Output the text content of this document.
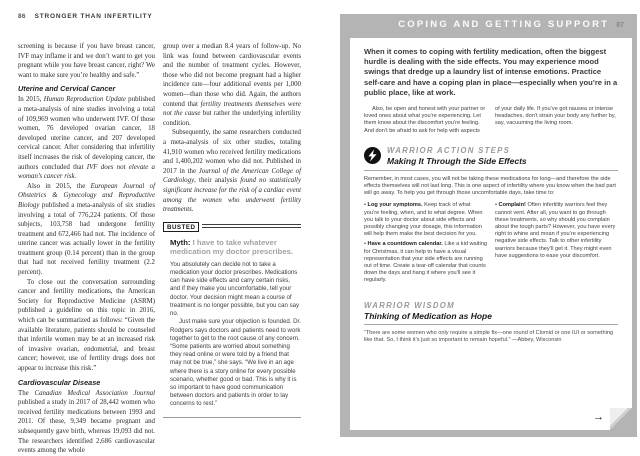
86 STRONGER THAN INFERTILITY

screening is because if you have breast cancer, IVF may inflame it and we don’t want to get you pregnant while you have breast cancer, right? We want to make sure you’re healthy and safe.”

Uterine and Cervical Cancer

In 2015, Human Reproduction Update published a meta-analysis of nine studies involving a total of 109,969 women who underwent IVF. Of those women, 76 developed ovarian cancer, 18 developed uterine cancer, and 207 developed cervical cancer. After considering that infertility itself increases the risk of developing cancer, the authors concluded that IVF does not elevate a woman’s cancer risk.

Also in 2015, the European Journal of Obstetrics & Gynecology and Reproductive Biology published a meta-analysis of six studies involving a total of 776,224 patients. Of those subjects, 103,758 had undergone fertility treatment and 672,466 had not. The incidence of uterine cancer was actually lower in the fertility treatment group (0.14 percent) than in the group that had not received fertility treatment (2.2 percent).

To close out the conversation surrounding cancer and fertility medications, the American Society for Reproductive Medicine (ASRM) published a guideline on this topic in 2016, which can be summarized as follows: “Given the available literature, patients should be counseled that infertile women may be at an increased risk of invasive ovarian, endometrial, and breast cancer; however, use of fertility drugs does not appear to increase this risk.”

Cardiovascular Disease

The Canadian Medical Association Journal published a study in 2017 of 28,442 women who received fertility medications between 1993 and 2011. Of these, 9,349 became pregnant and subsequently gave birth, whereas 19,093 did not. The researchers identified 2,686 cardiovascular events among the whole

group over a median 8.4 years of follow-up. No link was found between cardiovascular events and the number of treatment cycles. However, those who did not become pregnant had a higher incidence rate—four additional events per 1,000 women—than those who did. Again, the authors contend that fertility treatments themselves were not the cause but rather the underlying infertility condition.

Subsequently, the same researchers conducted a meta-analysis of six other studies, totaling 41,910 women who received fertility medications and 1,400,202 women who did not. Published in 2017 in the Journal of the American College of Cardiology, their analysis found no statistically significant increase for the risk of a cardiac event among the women who underwent fertility treatments.

BUSTED

Myth: I have to take whatever medication my doctor prescribes.

You absolutely can decide not to take a medication your doctor prescribes. Medications can have side effects and carry certain risks, and if they make you uncomfortable, tell your doctor. Your decision might mean a course of treatment is no longer possible, but you can say no.

Just make sure your objection is founded. Dr. Rodgers says doctors and patients need to work together to get to the root cause of any concern. “Some patients are worried about something they read online or were told by a friend that may not be true,” she says. “We live in an age where there is a story online for every possible scenario, whether good or bad. This is why it is so important to have good communication between doctors and patients in order to lay concerns to rest.”

COPING AND GETTING SUPPORT 87

When it comes to coping with fertility medication, often the biggest hurdle is dealing with the side effects. You may experience mood swings that dredge up a laundry list of intense emotions. Practice self-care and have a coping plan in place—especially when you’re in a public place, like at work.

Also, be open and honest with your partner or loved ones about what you’re experiencing. Let them know about the discomfort you’re feeling. And don’t be afraid to ask for help with aspects

of your daily life. If you’ve got nausea or intense headaches, don’t strain your body any further by, say, vacuuming the living room.

WARRIOR ACTION STEPS
Making It Through the Side Effects

Remember, in most cases, you will not be taking these medications for long—and therefore the side effects themselves will not last long. This is one aspect of infertility where you know when the bad part will go away. To help you get through those uncomfortable days, take time to:

• Log your symptoms. Keep track of what you’re feeling, when, and to what degree. When you talk to your doctor about side effects and possibly changing your dosage, this information will help them make the best decision for you.

• Have a countdown calendar. Like a kid waiting for Christmas, it can help to have a visual representation that your side effects are running out of time. Create a tear-off calendar that counts down the days and hang it where you’ll see it regularly.

• Complain! Often infertility warriors feel they cannot vent. After all, you want to go through these treatments, so why should you complain about the tough parts? However, you have every right to whine and moan if you’re experiencing negative side effects. Talk to other infertility warriors because they’ll get it. They might even have suggestions to ease your discomfort.

WARRIOR WISDOM
Thinking of Medication as Hope

“There are some women who only require a simple fix—one round of Clomid or one IUI or something like that. So, I think it’s just so important to remain hopeful.” —Abbey, Wisconsin

→
